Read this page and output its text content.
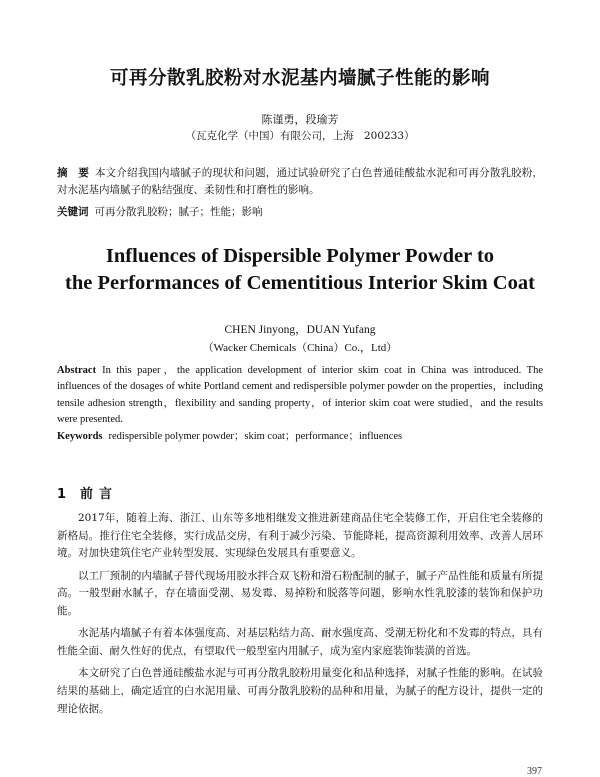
可再分散乳胶粉对水泥基内墙腻子性能的影响
陈谨勇，段瑜芳
（瓦克化学（中国）有限公司，上海　200233）
摘　要 本文介绍我国内墙腻子的现状和问题，通过试验研究了白色普通硅酸盐水泥和可再分散乳胶粉，对水泥基内墙腻子的粘结强度、柔韧性和打磨性的影响。
关键词 可再分散乳胶粉；腻子；性能；影响
Influences of Dispersible Polymer Powder to
the Performances of Cementitious Interior Skim Coat
CHEN Jinyong，DUAN Yufang
（Wacker Chemicals（China）Co.，Ltd）
Abstract In this paper，the application development of interior skim coat in China was introduced. The influences of the dosages of white Portland cement and redispersible polymer powder on the properties，including tensile adhesion strength，flexibility and sanding property，of interior skim coat were studied，and the results were presented.
Keywords redispersible polymer powder；skim coat；performance；influences
1 前言

2017年，随着上海、浙江、山东等多地相继发文推进新建商品住宅全装修工作，开启住宅全装修的新格局。推行住宅全装修，实行成品交房，有利于减少污染、节能降耗，提高资源利用效率、改善人居环境。对加快建筑住宅产业转型发展、实现绿色发展具有重要意义。

以工厂预制的内墙腻子替代现场用胶水拌合双飞粉和滑石粉配制的腻子，腻子产品性能和质量有所提高。一般型耐水腻子，存在墙面受潮、易发霉、易掉粉和脱落等问题，影响水性乳胶漆的装饰和保护功能。

水泥基内墙腻子有着本体强度高、对基层粘结力高、耐水强度高、受潮无粉化和不发霉的特点，具有性能全面、耐久性好的优点，有望取代一般型室内用腻子，成为室内家庭装饰装潢的首选。

本文研究了白色普通硅酸盐水泥与可再分散乳胶粉用量变化和品种选择，对腻子性能的影响。在试验结果的基础上，确定适宜的白水泥用量、可再分散乳胶粉的品种和用量，为腻子的配方设计，提供一定的理论依据。

397
